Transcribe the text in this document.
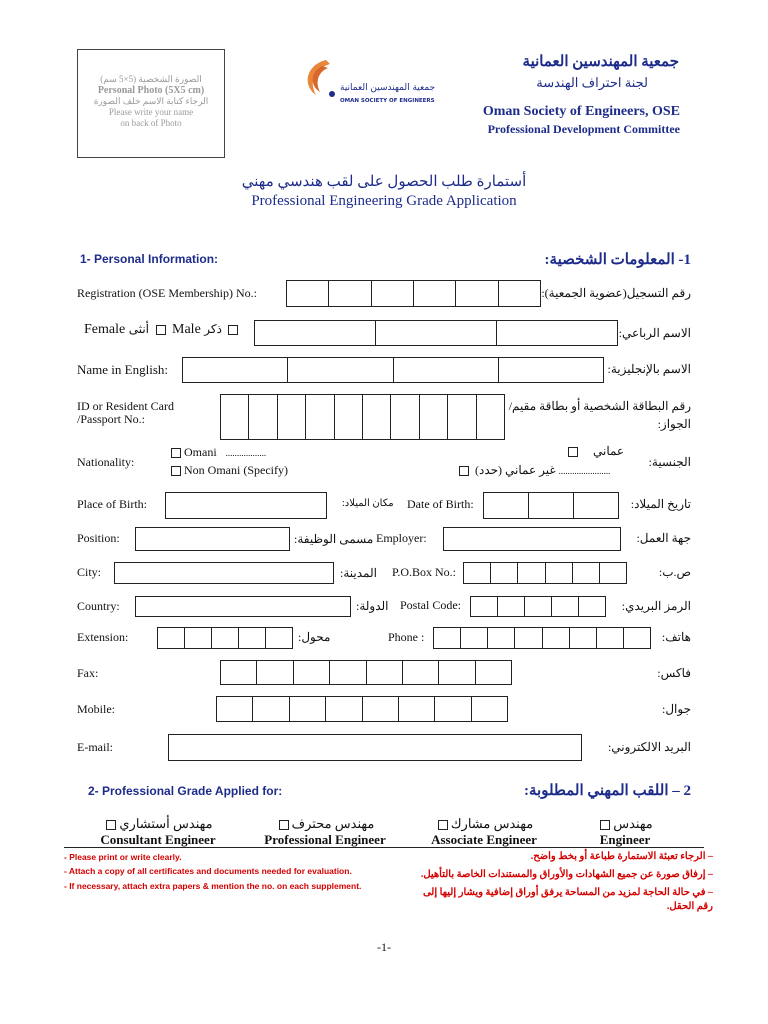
الصورة الشخصية (5×5 سم)
Personal Photo (5X5 cm)
الرجاء كتابة الاسم خلف الصورة
Please write your name
on back of Photo
جمعية المهندسين العمانية
OMAN SOCIETY OF ENGINEERS
جمعية المهندسين العمانية
لجنة احتراف الهندسة
Oman Society of Engineers, OSE
Professional Development Committee
أستمارة طلب الحصول على لقب هندسي مهني
Professional Engineering Grade Application
1- Personal Information:	1- المعلومات الشخصية:
Registration (OSE Membership) No.:	رقم التسجيل(عضوية الجمعية):
Female أنثى Male ذكر	الاسم الرباعي:
Name in English:	الاسم بالإنجليزية:
ID or Resident Card
/Passport No.:
رقم البطاقة الشخصية أو بطاقة مقيم/
الجواز:
Nationality:
Omani ..................
Non Omani (Specify)
عماني
....................... غير عماني (حدد)
الجنسية:
Place of Birth:	مكان الميلاد: Date of Birth:	تاريخ الميلاد:
Position:	مسمى الوظيفة: Employer:	جهة العمل:
City:	المدينة: P.O.Box No.:	ص.ب:
Country:	الدولة: Postal Code:	الرمز البريدي:
Extension:	محول:	Phone :	هاتف:
Fax:	فاكس:
Mobile:	جوال:
E-mail:	البريد الالكتروني:
2- Professional Grade Applied for:	2 – اللقب المهني المطلوبة:
مهندس أستشاري
Consultant Engineer
مهندس محترف
Professional Engineer
مهندس مشارك
Associate Engineer
مهندس
Engineer
- Please print or write clearly.
- Attach a copy of all certificates and documents needed for evaluation.
- If necessary, attach extra papers & mention the no. on each supplement.
– الرجاء تعبئة الاستمارة طباعة أو بخط واضح.
– إرفاق صورة عن جميع الشهادات والأوراق والمستندات الخاصة بالتأهيل.
– في حالة الحاجة لمزيد من المساحة يرفق أوراق إضافية ويشار إليها إلى رقم الحقل.
-1-
